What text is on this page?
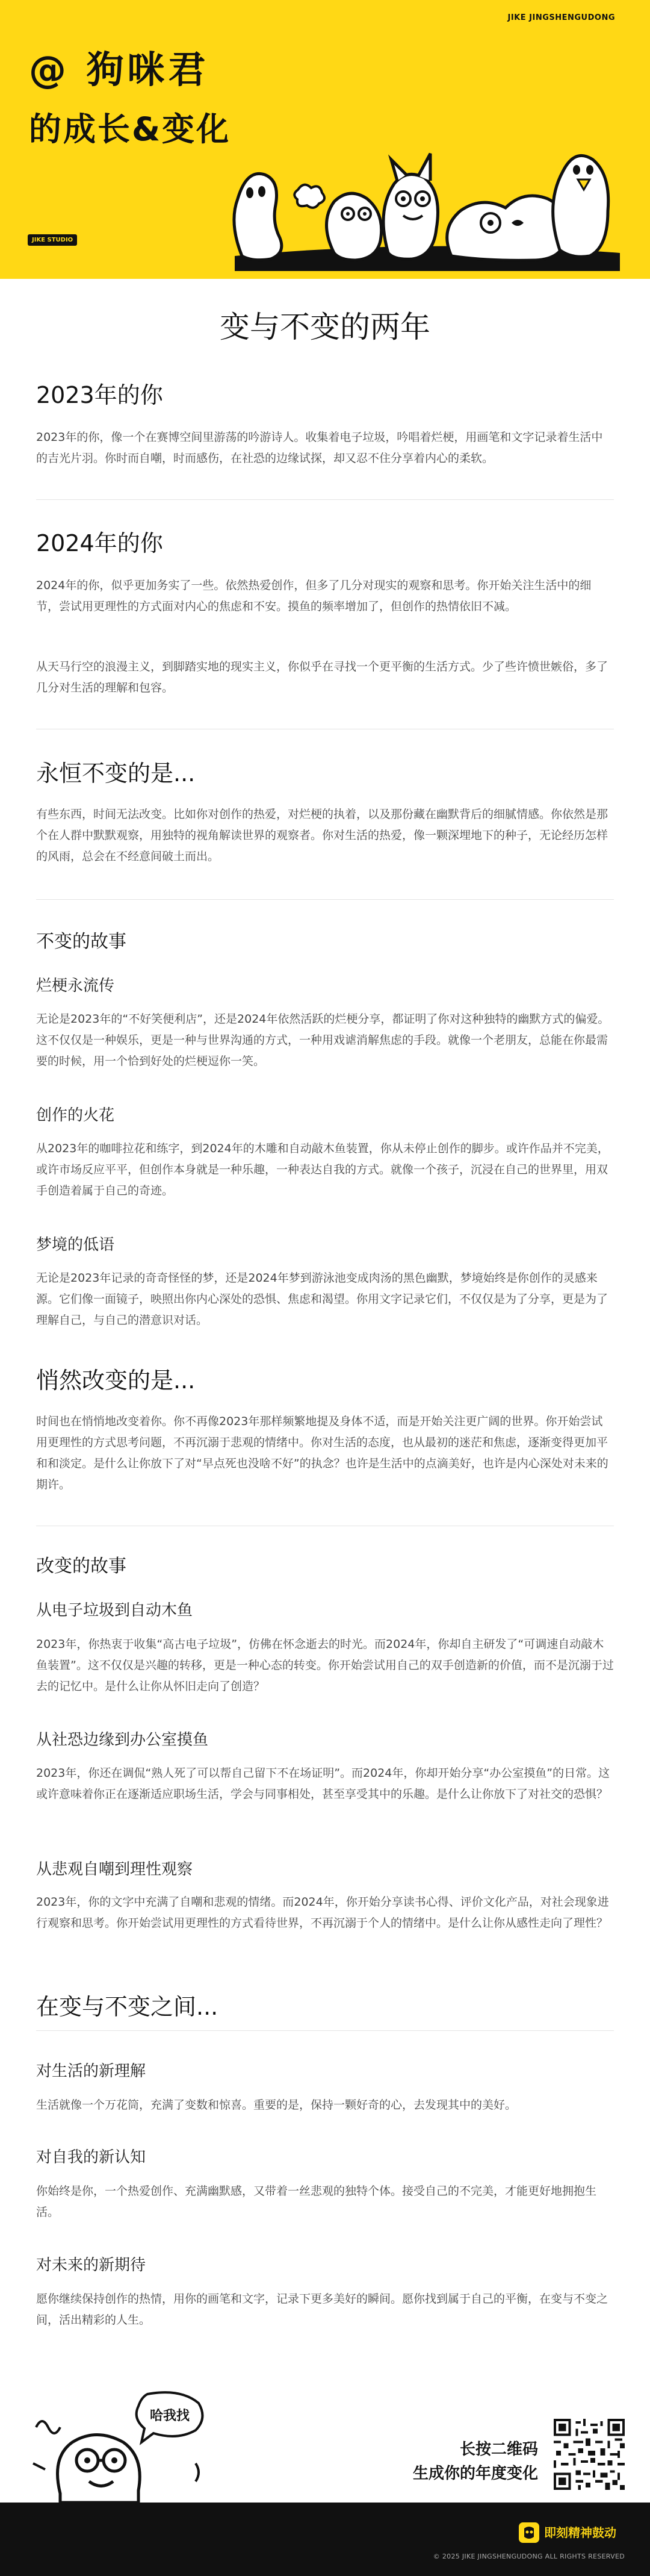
JIKE JINGSHENGUDONG
@ 狗咪君
的成长&变化
JIKE STUDIO
变与不变的两年
2023年的你
2023年的你，像一个在赛博空间里游荡的吟游诗人。收集着电子垃圾，吟唱着烂梗，用画笔和文字记录着生活中的吉光片羽。你时而自嘲，时而感伤，在社恐的边缘试探，却又忍不住分享着内心的柔软。
2024年的你
2024年的你，似乎更加务实了一些。依然热爱创作，但多了几分对现实的观察和思考。你开始关注生活中的细节，尝试用更理性的方式面对内心的焦虑和不安。摸鱼的频率增加了，但创作的热情依旧不减。
从天马行空的浪漫主义，到脚踏实地的现实主义，你似乎在寻找一个更平衡的生活方式。少了些许愤世嫉俗，多了几分对生活的理解和包容。
永恒不变的是...
有些东西，时间无法改变。比如你对创作的热爱，对烂梗的执着，以及那份藏在幽默背后的细腻情感。你依然是那个在人群中默默观察，用独特的视角解读世界的观察者。你对生活的热爱，像一颗深埋地下的种子，无论经历怎样的风雨，总会在不经意间破土而出。
不变的故事
烂梗永流传
无论是2023年的“不好笑便利店”，还是2024年依然活跃的烂梗分享，都证明了你对这种独特的幽默方式的偏爱。这不仅仅是一种娱乐，更是一种与世界沟通的方式，一种用戏谑消解焦虑的手段。就像一个老朋友，总能在你最需要的时候，用一个恰到好处的烂梗逗你一笑。
创作的火花
从2023年的咖啡拉花和练字，到2024年的木雕和自动敲木鱼装置，你从未停止创作的脚步。或许作品并不完美，或许市场反应平平，但创作本身就是一种乐趣，一种表达自我的方式。就像一个孩子，沉浸在自己的世界里，用双手创造着属于自己的奇迹。
梦境的低语
无论是2023年记录的奇奇怪怪的梦，还是2024年梦到游泳池变成肉汤的黑色幽默，梦境始终是你创作的灵感来源。它们像一面镜子，映照出你内心深处的恐惧、焦虑和渴望。你用文字记录它们，不仅仅是为了分享，更是为了理解自己，与自己的潜意识对话。
悄然改变的是...
时间也在悄悄地改变着你。你不再像2023年那样频繁地提及身体不适，而是开始关注更广阔的世界。你开始尝试用更理性的方式思考问题，不再沉溺于悲观的情绪中。你对生活的态度，也从最初的迷茫和焦虑，逐渐变得更加平和和淡定。是什么让你放下了对“早点死也没啥不好”的执念？也许是生活中的点滴美好，也许是内心深处对未来的期许。
改变的故事
从电子垃圾到自动木鱼
2023年，你热衷于收集“高古电子垃圾”，仿佛在怀念逝去的时光。而2024年，你却自主研发了“可调速自动敲木鱼装置”。这不仅仅是兴趣的转移，更是一种心态的转变。你开始尝试用自己的双手创造新的价值，而不是沉溺于过去的记忆中。是什么让你从怀旧走向了创造？
从社恐边缘到办公室摸鱼
2023年，你还在调侃“熟人死了可以帮自己留下不在场证明”。而2024年，你却开始分享“办公室摸鱼”的日常。这或许意味着你正在逐渐适应职场生活，学会与同事相处，甚至享受其中的乐趣。是什么让你放下了对社交的恐惧？
从悲观自嘲到理性观察
2023年，你的文字中充满了自嘲和悲观的情绪。而2024年，你开始分享读书心得、评价文化产品，对社会现象进行观察和思考。你开始尝试用更理性的方式看待世界，不再沉溺于个人的情绪中。是什么让你从感性走向了理性？
在变与不变之间...
对生活的新理解
生活就像一个万花筒，充满了变数和惊喜。重要的是，保持一颗好奇的心，去发现其中的美好。
对自我的新认知
你始终是你，一个热爱创作、充满幽默感，又带着一丝悲观的独特个体。接受自己的不完美，才能更好地拥抱生活。
对未来的新期待
愿你继续保持创作的热情，用你的画笔和文字，记录下更多美好的瞬间。愿你找到属于自己的平衡，在变与不变之间，活出精彩的人生。
哈我找
长按二维码
生成你的年度变化
即刻精神鼓动
© 2025 JIKE JINGSHENGUDONG ALL RIGHTS RESERVED
